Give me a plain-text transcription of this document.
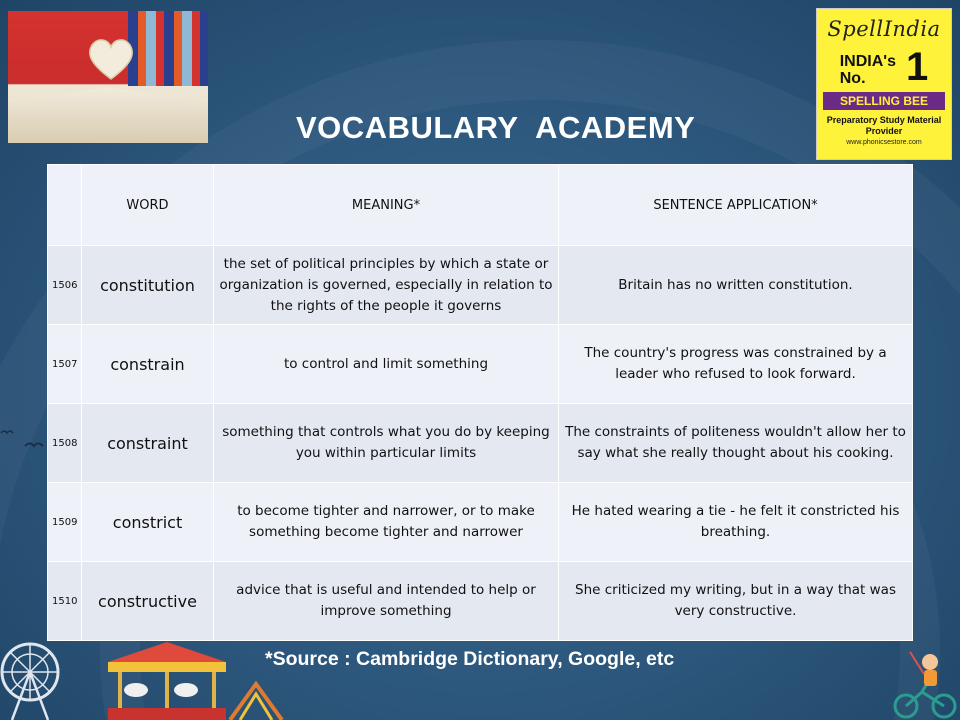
SpellIndia
INDIA's
No.	1
SPELLING BEE
Preparatory Study Material Provider
www.phonicsestore.com
VOCABULARY  ACADEMY
	WORD	MEANING*	SENTENCE APPLICATION*
1506	constitution	the set of political principles by which a state or organization is governed, especially in relation to the rights of the people it governs	Britain has no written constitution.
1507	constrain	to control and limit something	The country's progress was constrained by a leader who refused to look forward.
1508	constraint	something that controls what you do by keeping you within particular limits	The constraints of politeness wouldn't allow her to say what she really thought about his cooking.
1509	constrict	to become tighter and narrower, or to make something become tighter and narrower	He hated wearing a tie - he felt it constricted his breathing.
1510	constructive	advice that is useful and intended to help or improve something	She criticized my writing, but in a way that was very constructive.
*Source : Cambridge Dictionary, Google, etc
